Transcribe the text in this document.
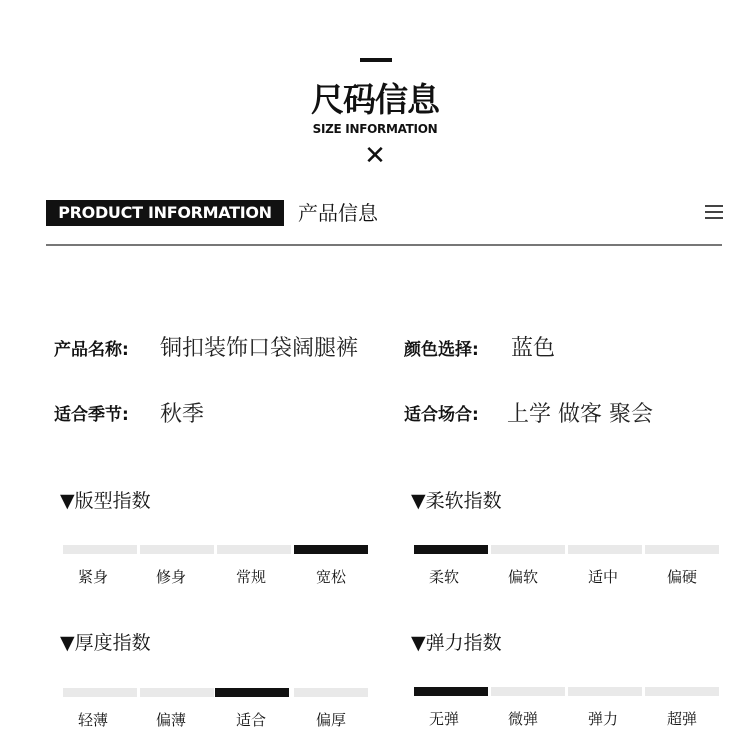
尺码信息
SIZE INFORMATION
✕
PRODUCT INFORMATION	产品信息
产品名称: 铜扣装饰口袋阔腿裤	颜色选择: 蓝色
适合季节: 秋季	适合场合: 上学 做客 聚会
▼版型指数
紧身	修身	常规	宽松
▼柔软指数
柔软	偏软	适中	偏硬
▼厚度指数
轻薄	偏薄	适合	偏厚
▼弹力指数
无弹	微弹	弹力	超弹
